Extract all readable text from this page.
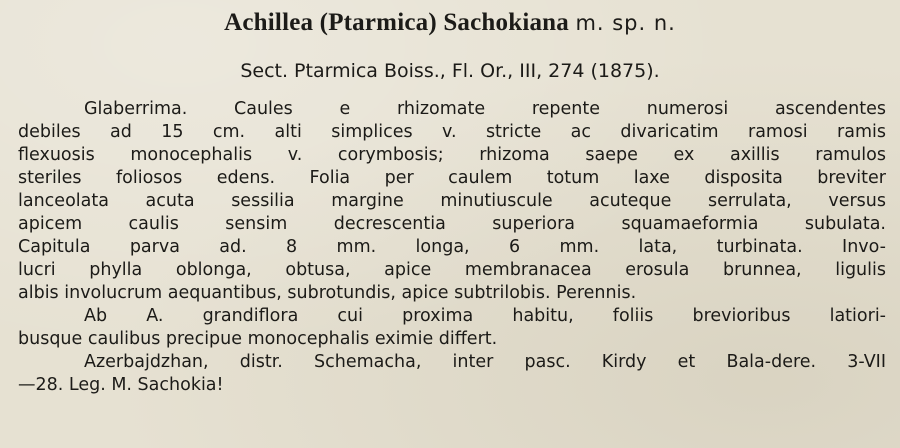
Achillea (Ptarmica) Sachokiana m. sp. n.
Sect. Ptarmica Boiss., Fl. Or., III, 274 (1875).
Glaberrima. Caules e rhizomate repente numerosi ascendentes
debiles ad 15 cm. alti simplices v. stricte ac divaricatim ramosi ramis
flexuosis monocephalis v. corymbosis; rhizoma saepe ex axillis ramulos
steriles foliosos edens. Folia per caulem totum laxe disposita breviter
lanceolata acuta sessilia margine minutiuscule acuteque serrulata, versus
apicem caulis sensim decrescentia superiora squamaeformia subulata.
Capitula parva ad. 8 mm. longa, 6 mm. lata, turbinata. Invo-
lucri phylla oblonga, obtusa, apice membranacea erosula brunnea, ligulis
albis involucrum aequantibus, subrotundis, apice subtrilobis. Perennis.
Ab A. grandiflora cui proxima habitu, foliis brevioribus latiori-
busque caulibus precipue monocephalis eximie differt.
Azerbajdzhan, distr. Schemacha, inter pasc. Kirdy et Bala-dere. 3-VII
—28. Leg. M. Sachokia!
